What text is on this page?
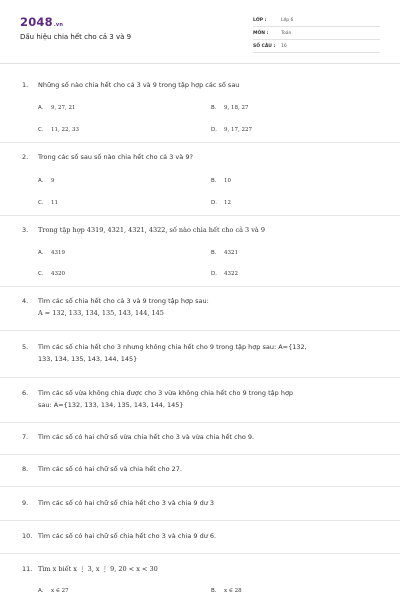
2048.vn
Dấu hiệu chia hết cho cả 3 và 9
LỚP :	Lớp 6
MÔN :	Toán
SỐ CÂU :	16
1. Những số nào chia hết cho cả 3 và 9 trong tập hợp các số sau
A. 9, 27, 21	B. 9, 18, 27
C. 11, 22, 33	D. 9, 17, 227
2. Trong các số sau số nào chia hết cho cả 3 và 9?
A. 9	B. 10
C. 11	D. 12
3. Trong tập hợp 4319, 4321, 4321, 4322, số nào chia hết cho cả 3 và 9
A. 4319	B. 4321
C. 4320	D. 4322
4. Tìm các số chia hết cho cả 3 và 9 trong tập hợp sau:
A = 132, 133, 134, 135, 143, 144, 145
5. Tìm các số chia hết cho 3 nhưng không chia hết cho 9 trong tập hợp sau: A={132,
133, 134, 135, 143, 144, 145}
6. Tìm các số vừa không chia được cho 3 vừa không chia hết cho 9 trong tập hợp
sau: A={132, 133, 134, 135, 143, 144, 145}
7. Tìm các số có hai chữ số vừa chia hết cho 3 và vừa chia hết cho 9.
8. Tìm các số có hai chữ số và chia hết cho 27.
9. Tìm các số có hai chữ số chia hết cho 3 và chia 9 dư 3
10. Tìm các số có hai chữ số chia hết cho 3 và chia 9 dư 6.
11. Tìm x biết x ⋮ 3, x ⋮ 9, 20 < x < 30
A. x ∈ 27	B. x ∈ 28
